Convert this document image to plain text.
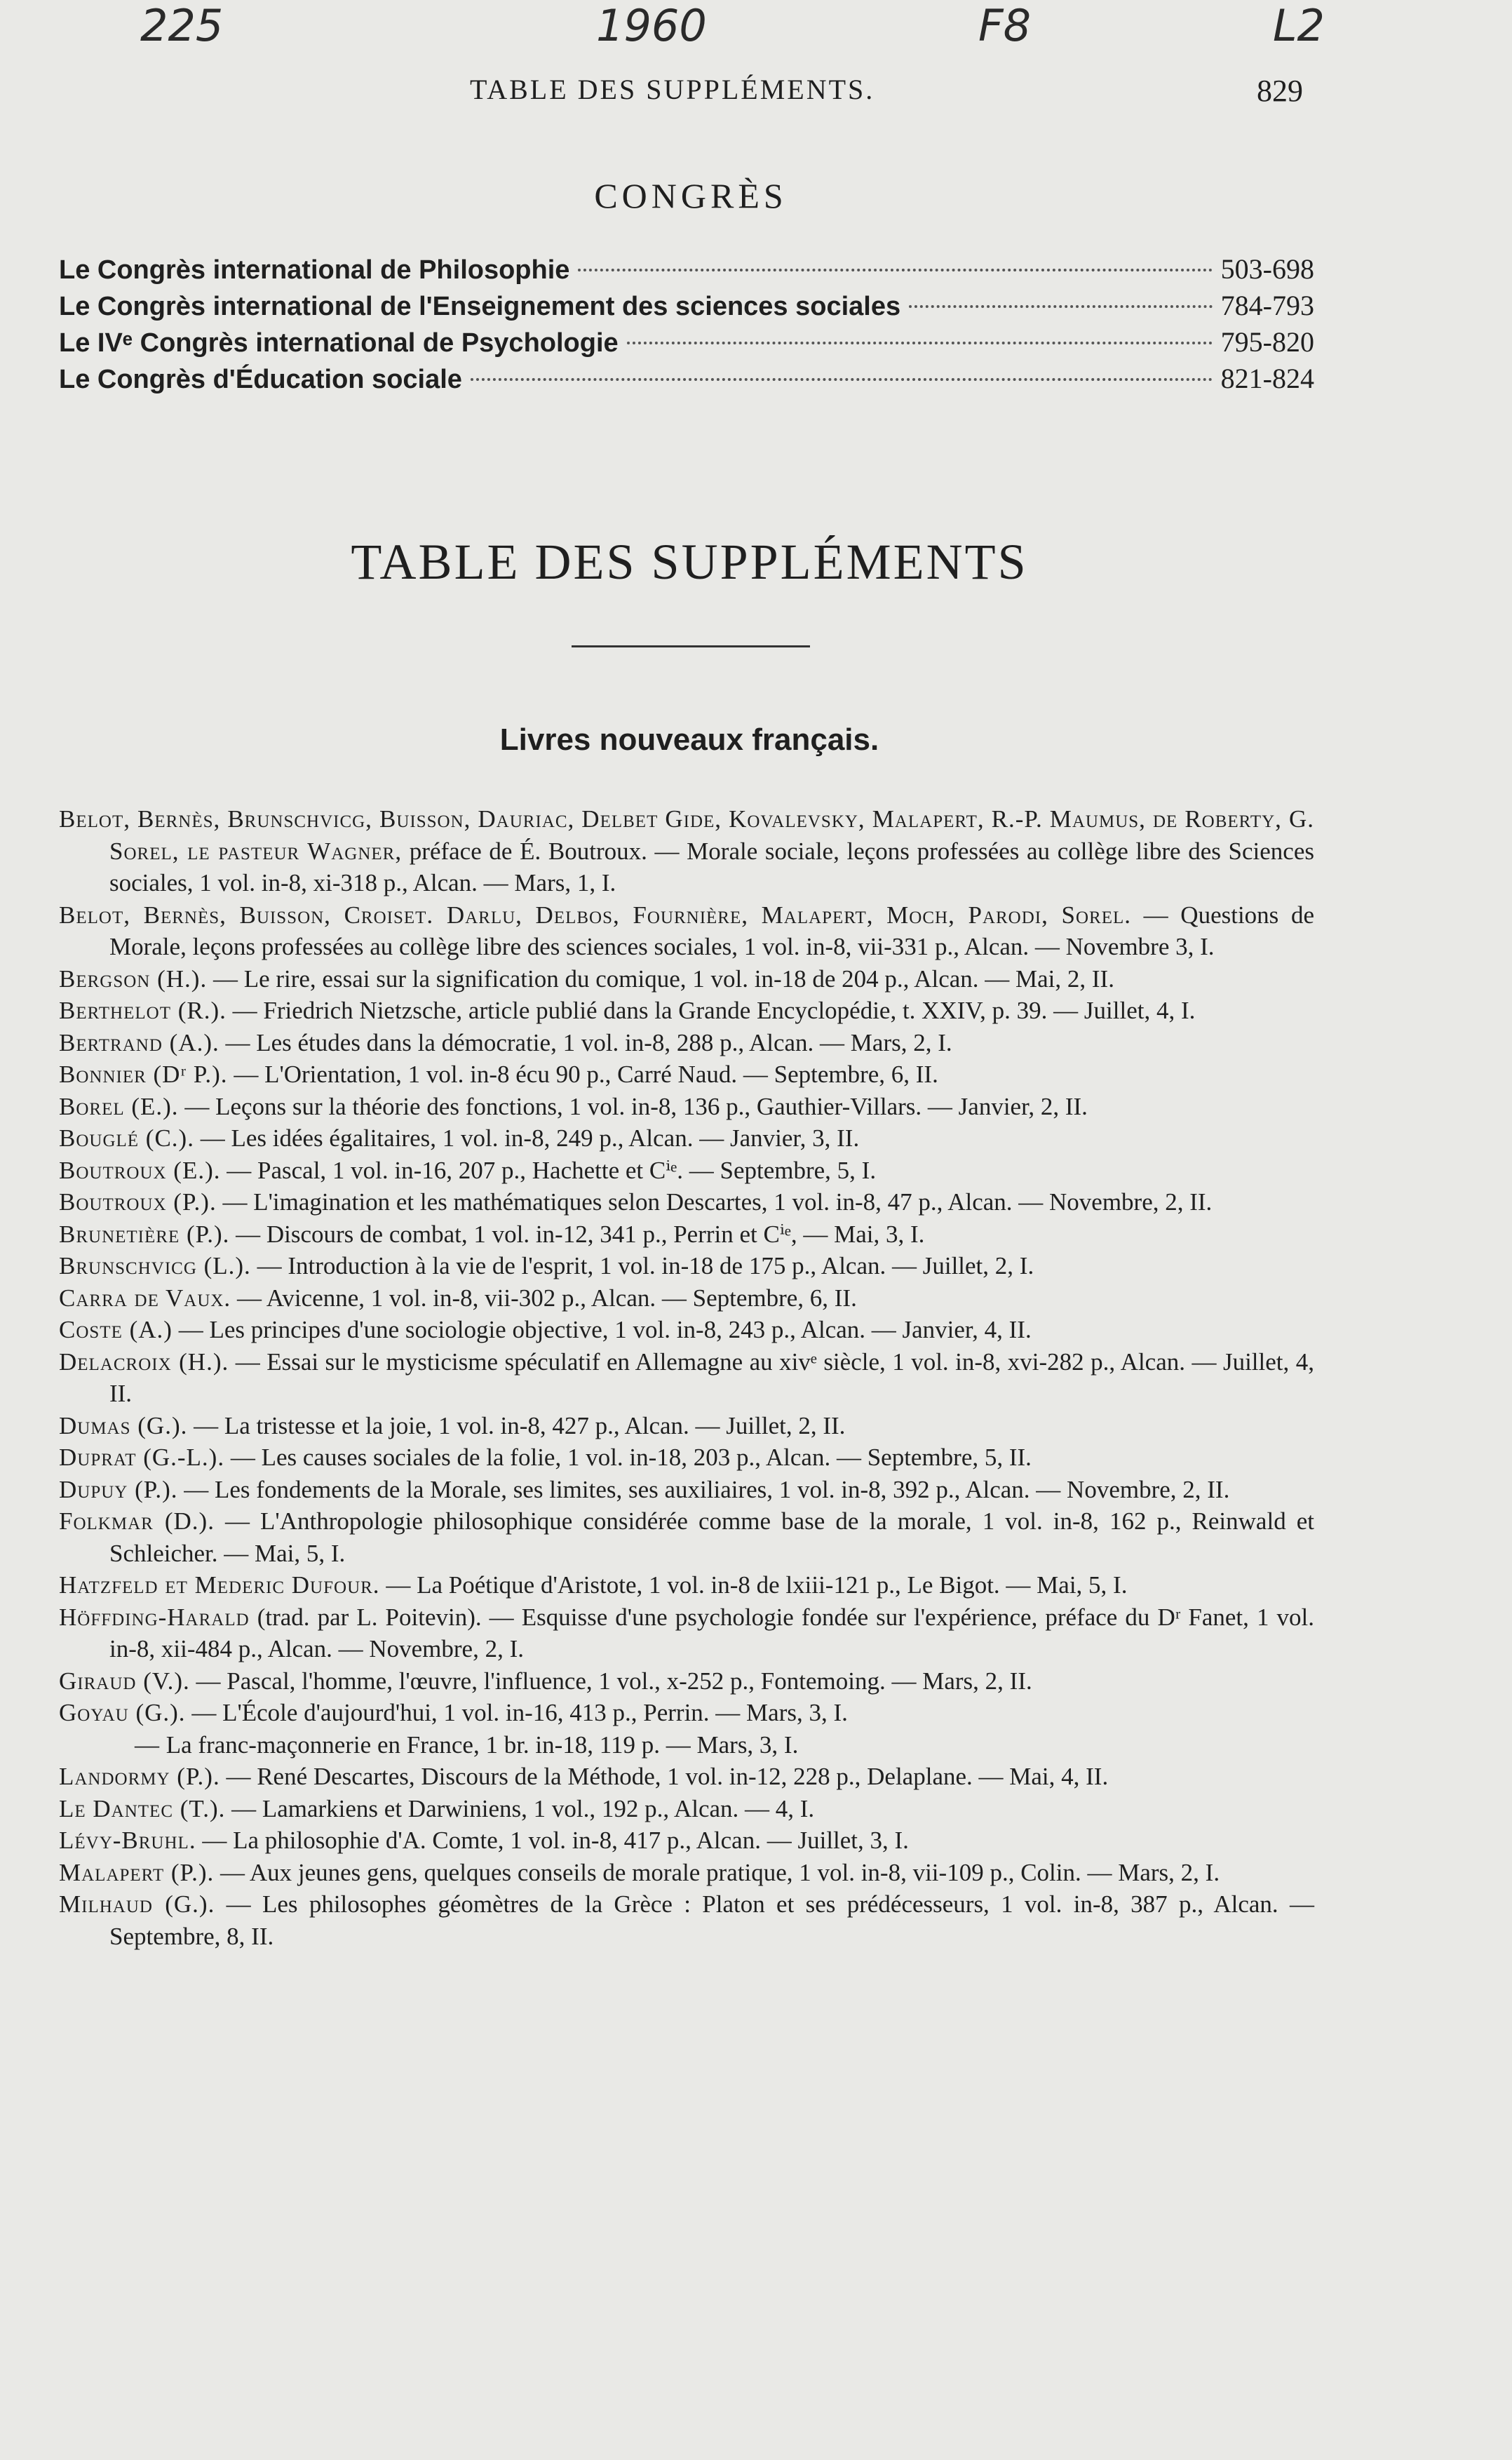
225	1960	F8	L2
TABLE DES SUPPLÉMENTS.	829
CONGRÈS
Le Congrès international de Philosophie	503-698
Le Congrès international de l'Enseignement des sciences sociales	784-793
Le IVᵉ Congrès international de Psychologie	795-820
Le Congrès d'Éducation sociale	821-824
TABLE DES SUPPLÉMENTS
Livres nouveaux français.

Belot, Bernès, Brunschvicg, Buisson, Dauriac, Delbet Gide, Kovalevsky, Malapert, R.-P. Maumus, de Roberty, G. Sorel, le pasteur Wagner, préface de É. Boutroux. — Morale sociale, leçons professées au collège libre des Sciences sociales, 1 vol. in-8, xi-318 p., Alcan. — Mars, 1, I.

Belot, Bernès, Buisson, Croiset. Darlu, Delbos, Fournière, Malapert, Moch, Parodi, Sorel. — Questions de Morale, leçons professées au collège libre des sciences sociales, 1 vol. in-8, vii-331 p., Alcan. — Novembre 3, I.

Bergson (H.). — Le rire, essai sur la signification du comique, 1 vol. in-18 de 204 p., Alcan. — Mai, 2, II.

Berthelot (R.). — Friedrich Nietzsche, article publié dans la Grande Encyclopédie, t. XXIV, p. 39. — Juillet, 4, I.

Bertrand (A.). — Les études dans la démocratie, 1 vol. in-8, 288 p., Alcan. — Mars, 2, I.

Bonnier (Dʳ P.). — L'Orientation, 1 vol. in-8 écu 90 p., Carré Naud. — Septembre, 6, II.

Borel (E.). — Leçons sur la théorie des fonctions, 1 vol. in-8, 136 p., Gauthier-Villars. — Janvier, 2, II.

Bouglé (C.). — Les idées égalitaires, 1 vol. in-8, 249 p., Alcan. — Janvier, 3, II.

Boutroux (E.). — Pascal, 1 vol. in-16, 207 p., Hachette et Cⁱᵉ. — Septembre, 5, I.

Boutroux (P.). — L'imagination et les mathématiques selon Descartes, 1 vol. in-8, 47 p., Alcan. — Novembre, 2, II.

Brunetière (P.). — Discours de combat, 1 vol. in-12, 341 p., Perrin et Cⁱᵉ, — Mai, 3, I.

Brunschvicg (L.). — Introduction à la vie de l'esprit, 1 vol. in-18 de 175 p., Alcan. — Juillet, 2, I.

Carra de Vaux. — Avicenne, 1 vol. in-8, vii-302 p., Alcan. — Septembre, 6, II.

Coste (A.) — Les principes d'une sociologie objective, 1 vol. in-8, 243 p., Alcan. — Janvier, 4, II.

Delacroix (H.). — Essai sur le mysticisme spéculatif en Allemagne au xivᵉ siècle, 1 vol. in-8, xvi-282 p., Alcan. — Juillet, 4, II.

Dumas (G.). — La tristesse et la joie, 1 vol. in-8, 427 p., Alcan. — Juillet, 2, II.

Duprat (G.-L.). — Les causes sociales de la folie, 1 vol. in-18, 203 p., Alcan. — Septembre, 5, II.

Dupuy (P.). — Les fondements de la Morale, ses limites, ses auxiliaires, 1 vol. in-8, 392 p., Alcan. — Novembre, 2, II.

Folkmar (D.). — L'Anthropologie philosophique considérée comme base de la morale, 1 vol. in-8, 162 p., Reinwald et Schleicher. — Mai, 5, I.

Hatzfeld et Mederic Dufour. — La Poétique d'Aristote, 1 vol. in-8 de lxiii-121 p., Le Bigot. — Mai, 5, I.

Höffding-Harald (trad. par L. Poitevin). — Esquisse d'une psychologie fondée sur l'expérience, préface du Dʳ Fanet, 1 vol. in-8, xii-484 p., Alcan. — Novembre, 2, I.

Giraud (V.). — Pascal, l'homme, l'œuvre, l'influence, 1 vol., x-252 p., Fontemoing. — Mars, 2, II.

Goyau (G.). — L'École d'aujourd'hui, 1 vol. in-16, 413 p., Perrin. — Mars, 3, I.

— La franc-maçonnerie en France, 1 br. in-18, 119 p. — Mars, 3, I.

Landormy (P.). — René Descartes, Discours de la Méthode, 1 vol. in-12, 228 p., Delaplane. — Mai, 4, II.

Le Dantec (T.). — Lamarkiens et Darwiniens, 1 vol., 192 p., Alcan. — 4, I.

Lévy-Bruhl. — La philosophie d'A. Comte, 1 vol. in-8, 417 p., Alcan. — Juillet, 3, I.

Malapert (P.). — Aux jeunes gens, quelques conseils de morale pratique, 1 vol. in-8, vii-109 p., Colin. — Mars, 2, I.

Milhaud (G.). — Les philosophes géomètres de la Grèce : Platon et ses prédécesseurs, 1 vol. in-8, 387 p., Alcan. — Septembre, 8, II.
